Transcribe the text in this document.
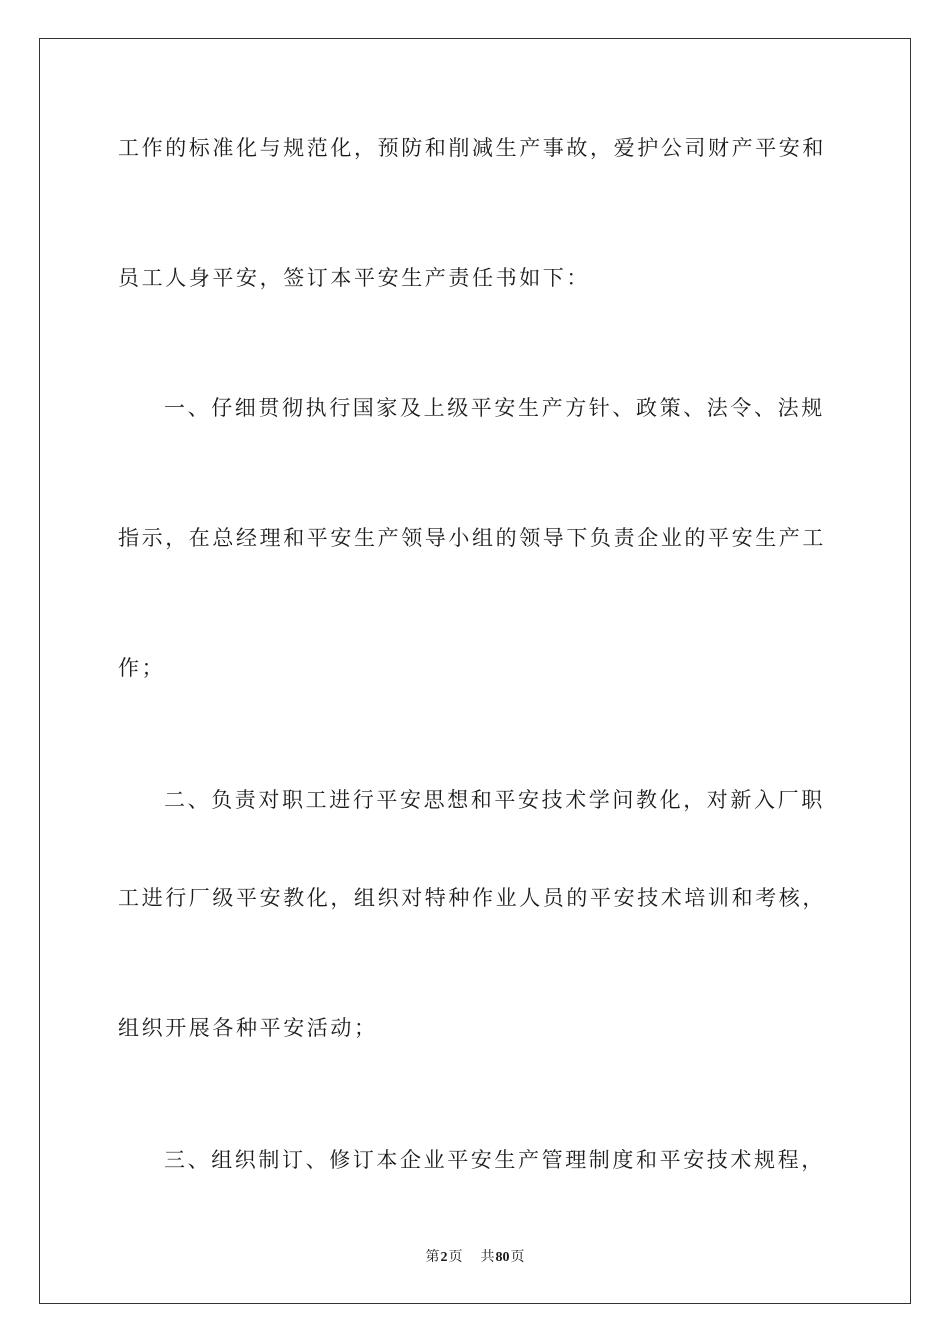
工作的标准化与规范化，预防和削减生产事故，爱护公司财产平安和
员工人身平安，签订本平安生产责任书如下：
一、仔细贯彻执行国家及上级平安生产方针、政策、法令、法规
指示，在总经理和平安生产领导小组的领导下负责企业的平安生产工
作；
二、负责对职工进行平安思想和平安技术学问教化，对新入厂职
工进行厂级平安教化，组织对特种作业人员的平安技术培训和考核，
组织开展各种平安活动；
三、组织制订、修订本企业平安生产管理制度和平安技术规程，
第2页 共80页
